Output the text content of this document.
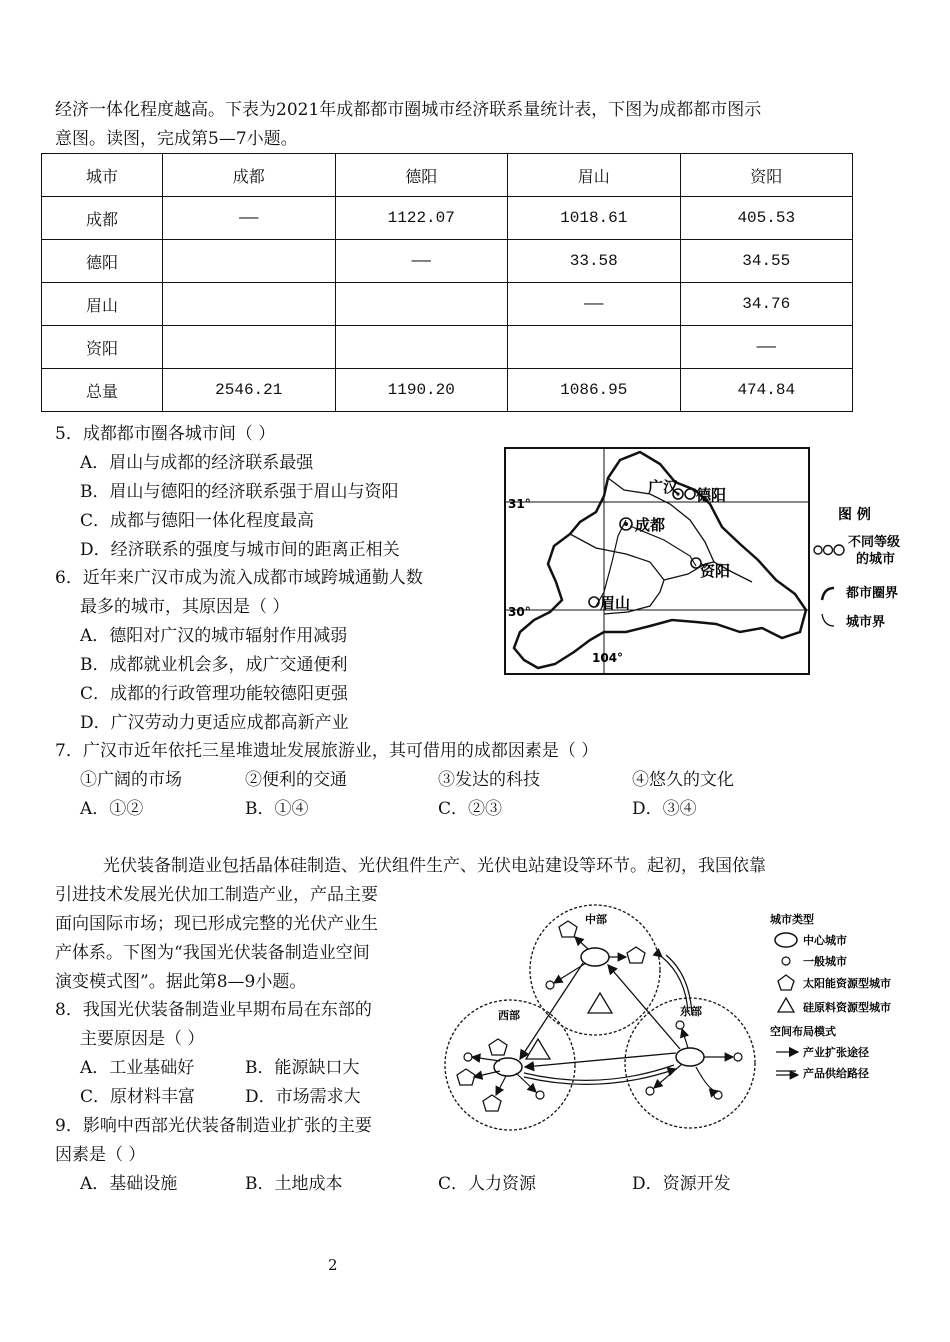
经济一体化程度越高。下表为2021年成都都市圈城市经济联系量统计表，下图为成都都市图示
意图。读图，完成第5—7小题。
城市	成都	德阳	眉山	资阳
成都	——	1122.07	1018.61	405.53
德阳		——	33.58	34.55
眉山			——	34.76
资阳				——
总量	2546.21	1190.20	1086.95	474.84
5．成都都市圈各城市间（ ）
A．眉山与成都的经济联系最强
B．眉山与德阳的经济联系强于眉山与资阳
C．成都与德阳一体化程度最高
D．经济联系的强度与城市间的距离正相关
6．近年来广汉市成为流入成都市域跨城通勤人数
最多的城市，其原因是（ ）
A．德阳对广汉的城市辐射作用减弱
B．成都就业机会多，成广交通便利
C．成都的行政管理功能较德阳更强
D．广汉劳动力更适应成都高新产业
7．广汉市近年依托三星堆遗址发展旅游业，其可借用的成都因素是（ ）
①广阔的市场	②便利的交通	③发达的科技	④悠久的文化
A．①②	B．①④	C．②③	D．③④
31°
30°
104°
广汉 德阳
成都
资阳
眉山
图 例
不同等级
的城市
都市圈界
城市界
光伏装备制造业包括晶体硅制造、光伏组件生产、光伏电站建设等环节。起初，我国依靠
引进技术发展光伏加工制造产业，产品主要
面向国际市场；现已形成完整的光伏产业生
产体系。下图为“我国光伏装备制造业空间
演变模式图”。据此第8—9小题。
8．我国光伏装备制造业早期布局在东部的
主要原因是（ ）
A．工业基础好	B．能源缺口大
C．原材料丰富	D．市场需求大
9．影响中西部光伏装备制造业扩张的主要
因素是（ ）
A．基础设施	B．土地成本	C．人力资源	D．资源开发
中部
西部	东部
城市类型
中心城市
一般城市
太阳能资源型城市
硅原料资源型城市
空间布局模式
产业扩张途径
产品供给路径
2
